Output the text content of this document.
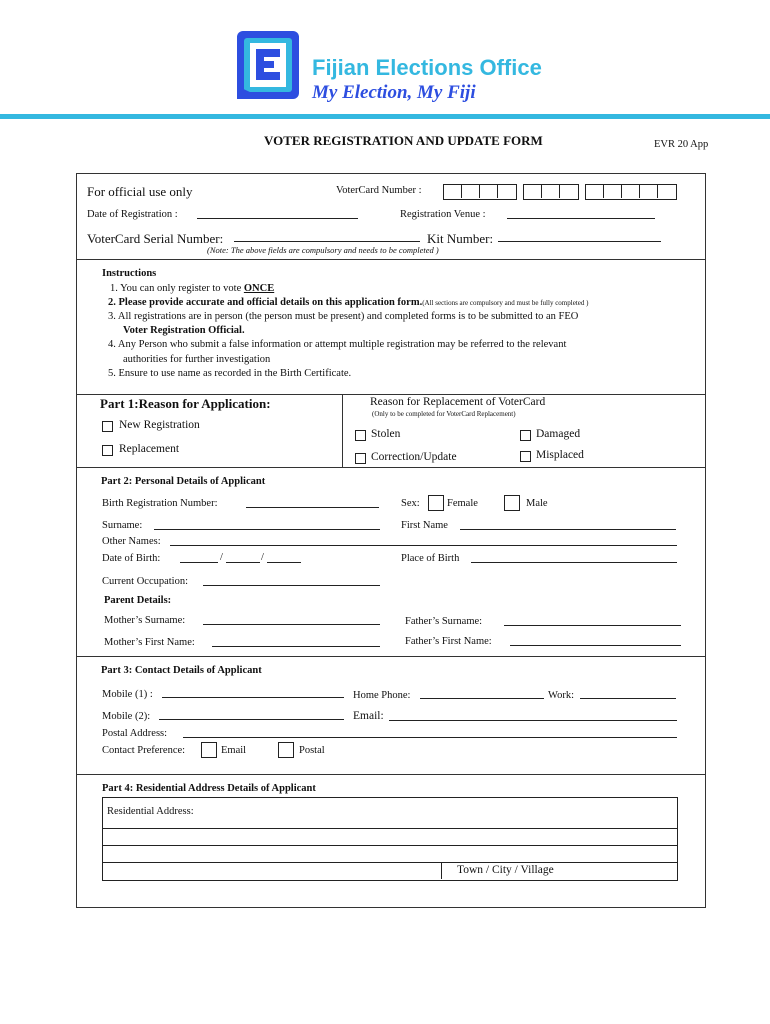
Fijian Elections Office
My Election, My Fiji
VOTER REGISTRATION AND UPDATE FORM	EVR 20 App
For official use only	VoterCard Number :
Date of Registration :	Registration Venue :
VoterCard Serial Number:	Kit Number:
(Note: The above fields are compulsory and needs to be completed )
Instructions
1. You can only register to vote ONCE
2. Please provide accurate and official details on this application form.(All sections are compulsory and must be fully completed )
3. All registrations are in person (the person must be present) and completed forms is to be submitted to an FEO
Voter Registration Official.
4. Any Person who submit a false information or attempt multiple registration may be referred to the relevant
authorities for further investigation
5. Ensure to use name as recorded in the Birth Certificate.
Part 1:Reason for Application:
New Registration
Replacement
Reason for Replacement of VoterCard
(Only to be completed for VoterCard Replacement)
Stolen
Correction/Update
Damaged
Misplaced
Part 2: Personal Details of Applicant
Birth Registration Number:	Sex:	Female	Male
Surname:	First Name
Other Names:
Date of Birth:	/	/	Place of Birth
Current Occupation:
Parent Details:
Mother’s Surname:	Father’s Surname:
Mother’s First Name:	Father’s First Name:
Part 3: Contact Details of Applicant
Mobile (1) :	Home Phone:	Work:
Mobile (2):	Email:
Postal Address:
Contact Preference:	Email	Postal
Part 4: Residential Address Details of Applicant
Residential Address:
Town / City / Village
